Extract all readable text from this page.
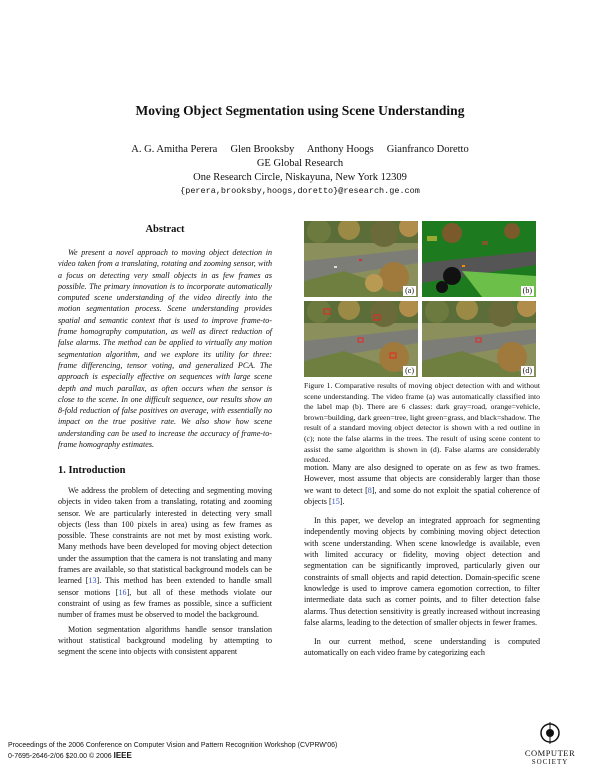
Moving Object Segmentation using Scene Understanding
A. G. Amitha Perera     Glen Brooksby     Anthony Hoogs     Gianfranco Doretto
GE Global Research
One Research Circle, Niskayuna, New York 12309
{perera,brooksby,hoogs,doretto}@research.ge.com
Abstract
We present a novel approach to moving object detection in video taken from a translating, rotating and zooming sensor, with a focus on detecting very small objects in as few frames as possible. The primary innovation is to incorporate automatically computed scene understanding of the video directly into the motion segmentation process. Scene understanding provides spatial and semantic context that is used to improve frame-to-frame homography computation, as well as direct reduction of false alarms. The method can be applied to virtually any motion segmentation algorithm, and we explore its utility for three: frame differencing, tensor voting, and generalized PCA. The approach is especially effective on sequences with large scene depth and much parallax, as often occurs when the sensor is close to the scene. In one difficult sequence, our results show an 8-fold reduction of false positives on average, with essentially no impact on the true positive rate. We also show how scene understanding can be used to increase the accuracy of frame-to-frame homography estimates.
1. Introduction

We address the problem of detecting and segmenting moving objects in video taken from a translating, rotating and zooming sensor. We are particularly interested in detecting very small objects (less than 100 pixels in area) using as few frames as possible. These constraints are not met by most existing work. Many methods have been developed for moving object detection under the assumption that the camera is not translating and many frames are available, so that statistical background models can be learned [13]. This method has been extended to handle small sensor motions [16], but all of these methods violate our constraint of using as few frames as possible, since a sufficient number of frames must be observed to model the background.

Motion segmentation algorithms handle sensor translation without statistical background modeling by attempting to segment the scene into objects with consistent apparent

(a)	(b)
(c)	(d)
Figure 1. Comparative results of moving object detection with and without scene understanding. The video frame (a) was automatically classified into the label map (b). There are 6 classes: dark gray=road, orange=vehicle, brown=building, dark green=tree, light green=grass, and black=shadow. The result of a standard moving object detector is shown with a red outline in (c); note the false alarms in the trees. The result of using scene content to assist the same algorithm is shown in (d). False alarms are considerably reduced.

motion. Many are also designed to operate on as few as two frames. However, most assume that objects are considerably larger than those we want to detect [8], and some do not exploit the spatial coherence of objects [15].

In this paper, we develop an integrated approach for segmenting independently moving objects by combining moving object detection with scene understanding. When scene knowledge is available, even with limited accuracy or fidelity, moving object detection and segmentation can be significantly improved, particularly given our constraints of small objects and rapid detection. Domain-specific scene knowledge is used to improve camera egomotion correction, to filter intermediate data such as corner points, and to filter detection false alarms. Thus detection sensitivity is greatly increased without increasing false alarms, leading to the detection of smaller objects in fewer frames.

In our current method, scene understanding is computed automatically on each video frame by categorizing each

Proceedings of the 2006 Conference on Computer Vision and Pattern Recognition Workshop (CVPRW'06)
0-7695-2646-2/06 $20.00 © 2006 IEEE	COMPUTER
SOCIETY
